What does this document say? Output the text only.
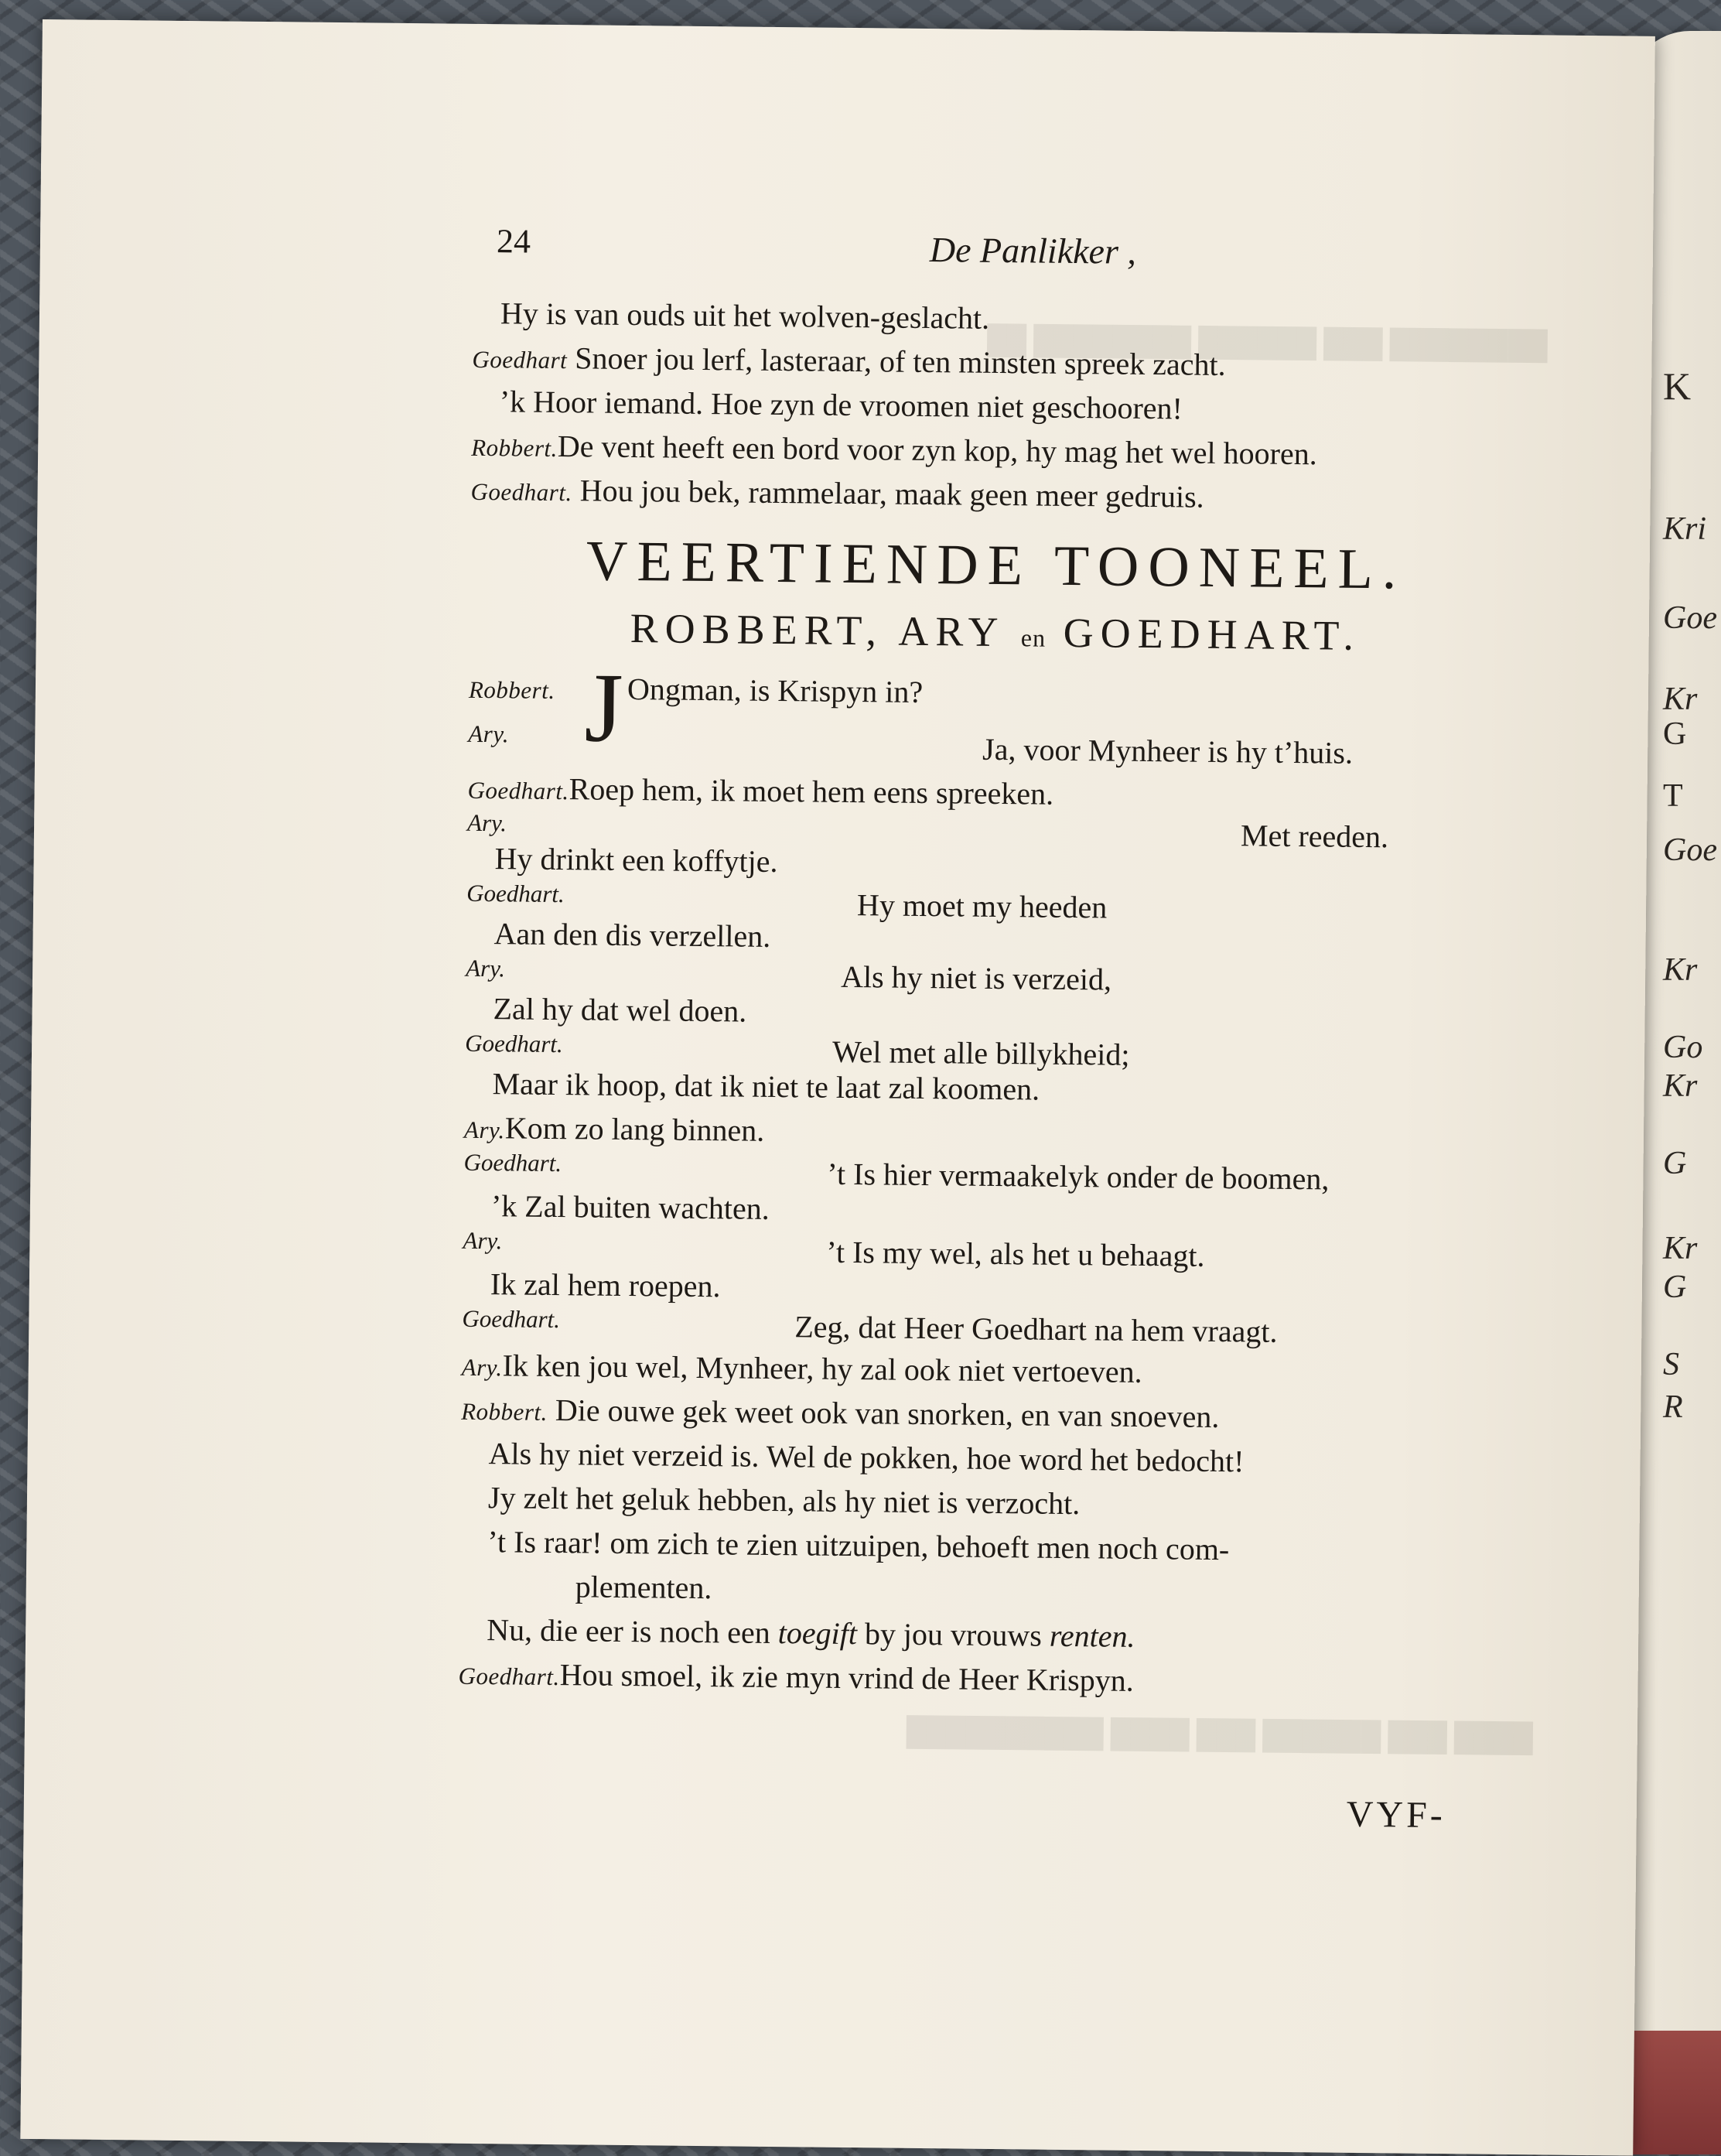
K
Kri
Goe
Kr
G
T
Goe
Kr
Go
Kr
G
Kr
G
S
R
24	De Panlikker ,
Hy is van ouds uit het wolven-geslacht.
Goedhart Snoer jou lerf, lasteraar, of ten minsten spreek zacht.
’k Hoor iemand. Hoe zyn de vroomen niet geschooren!
Robbert.De vent heeft een bord voor zyn kop, hy mag het wel hooren.
Goedhart. Hou jou bek, rammelaar, maak geen meer gedruis.
VEERTIENDE TOONEEL.
ROBBERT, ARY en GOEDHART.
Robbert. J Ongman, is Krispyn in?
Ary.	Ja, voor Mynheer is hy t’huis.
Goedhart.Roep hem, ik moet hem eens spreeken.
Ary.	Met reeden.
Hy drinkt een koffytje.
Goedhart.	Hy moet my heeden
Aan den dis verzellen.
Ary.	Als hy niet is verzeid,
Zal hy dat wel doen.
Goedhart.	Wel met alle billykheid;
Maar ik hoop, dat ik niet te laat zal koomen.
Ary.Kom zo lang binnen.
Goedhart.	’t Is hier vermaakelyk onder de boomen,
’k Zal buiten wachten.
Ary.	’t Is my wel, als het u behaagt.
Ik zal hem roepen.
Goedhart.	Zeg, dat Heer Goedhart na hem vraagt.
Ary.Ik ken jou wel, Mynheer, hy zal ook niet vertoeven.
Robbert. Die ouwe gek weet ook van snorken, en van snoeven.
Als hy niet verzeid is. Wel de pokken, hoe word het bedocht!
Jy zelt het geluk hebben, als hy niet is verzocht.
’t Is raar! om zich te zien uitzuipen, behoeft men noch com-
plementen.
Nu, die eer is noch een toegift by jou vrouws renten.
Goedhart.Hou smoel, ik zie myn vrind de Heer Krispyn.
VYF-
████████ ███ ██████ ████████ ██
████ ███ ██████ ███ ████ ██████████
